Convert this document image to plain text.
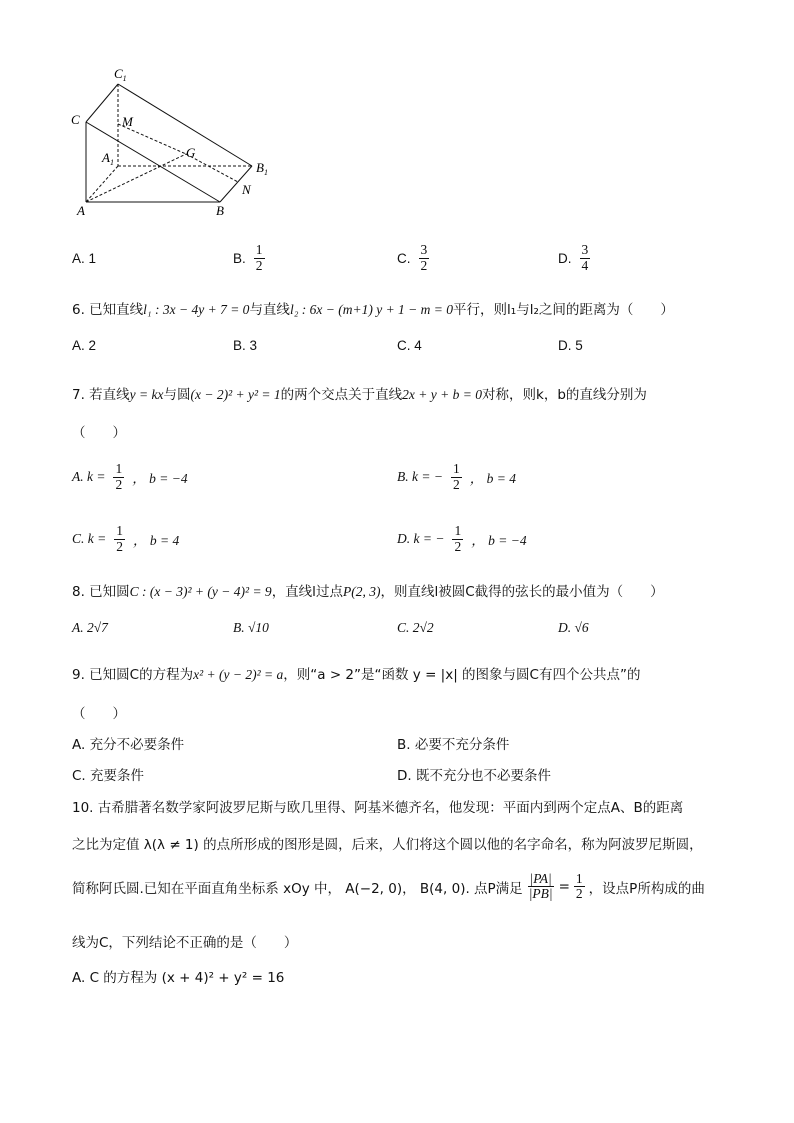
$C_1$
C	M
$A_1$
G
$B_1$
N
A	B
A. 1	B. $\frac{1}{2}$	C. $\frac{3}{2}$	D. $\frac{3}{4}$
6. 已知直线l₁ : 3x − 4y + 7 = 0与直线l₂ : 6x − (m+1) y + 1 − m = 0平行，则l₁与l₂之间的距离为（　　）
A. 2	B. 3	C. 4	D. 5
7. 若直线y = kx与圆(x − 2)² + y² = 1的两个交点关于直线2x + y + b = 0对称，则k，b的直线分别为
（　　）
A. $k = \frac{1}{2}$ ， b = −4	B. k = − $\frac{1}{2}$ ， b = 4
C. $k = \frac{1}{2}$ ， b = 4	D. k = − $\frac{1}{2}$ ， b = −4
8. 已知圆C : (x − 3)² + (y − 4)² = 9，直线l过点P(2, 3)，则直线l被圆C截得的弦长的最小值为（　　）
A. 2√7	B. √10	C. 2√2	D. √6
9. 已知圆C的方程为x² + (y − 2)² = a，则“a > 2”是“函数 y = |x| 的图象与圆C有四个公共点”的
（　　）
A. 充分不必要条件	B. 必要不充分条件
C. 充要条件	D. 既不充分也不必要条件
10. 古希腊著名数学家阿波罗尼斯与欧几里得、阿基米德齐名，他发现：平面内到两个定点A、B的距离
之比为定值 λ(λ ≠ 1) 的点所形成的图形是圆，后来，人们将这个圆以他的名字命名，称为阿波罗尼斯圆，
简称阿氏圆.已知在平面直角坐标系 xOy 中， A(−2, 0)， B(4, 0). 点P满足 $\frac{|PA|}{|PB|} = \frac{1}{2}$ ，设点P所构成的曲
线为C，下列结论不正确的是（　　）
A. C 的方程为 (x + 4)² + y² = 16
